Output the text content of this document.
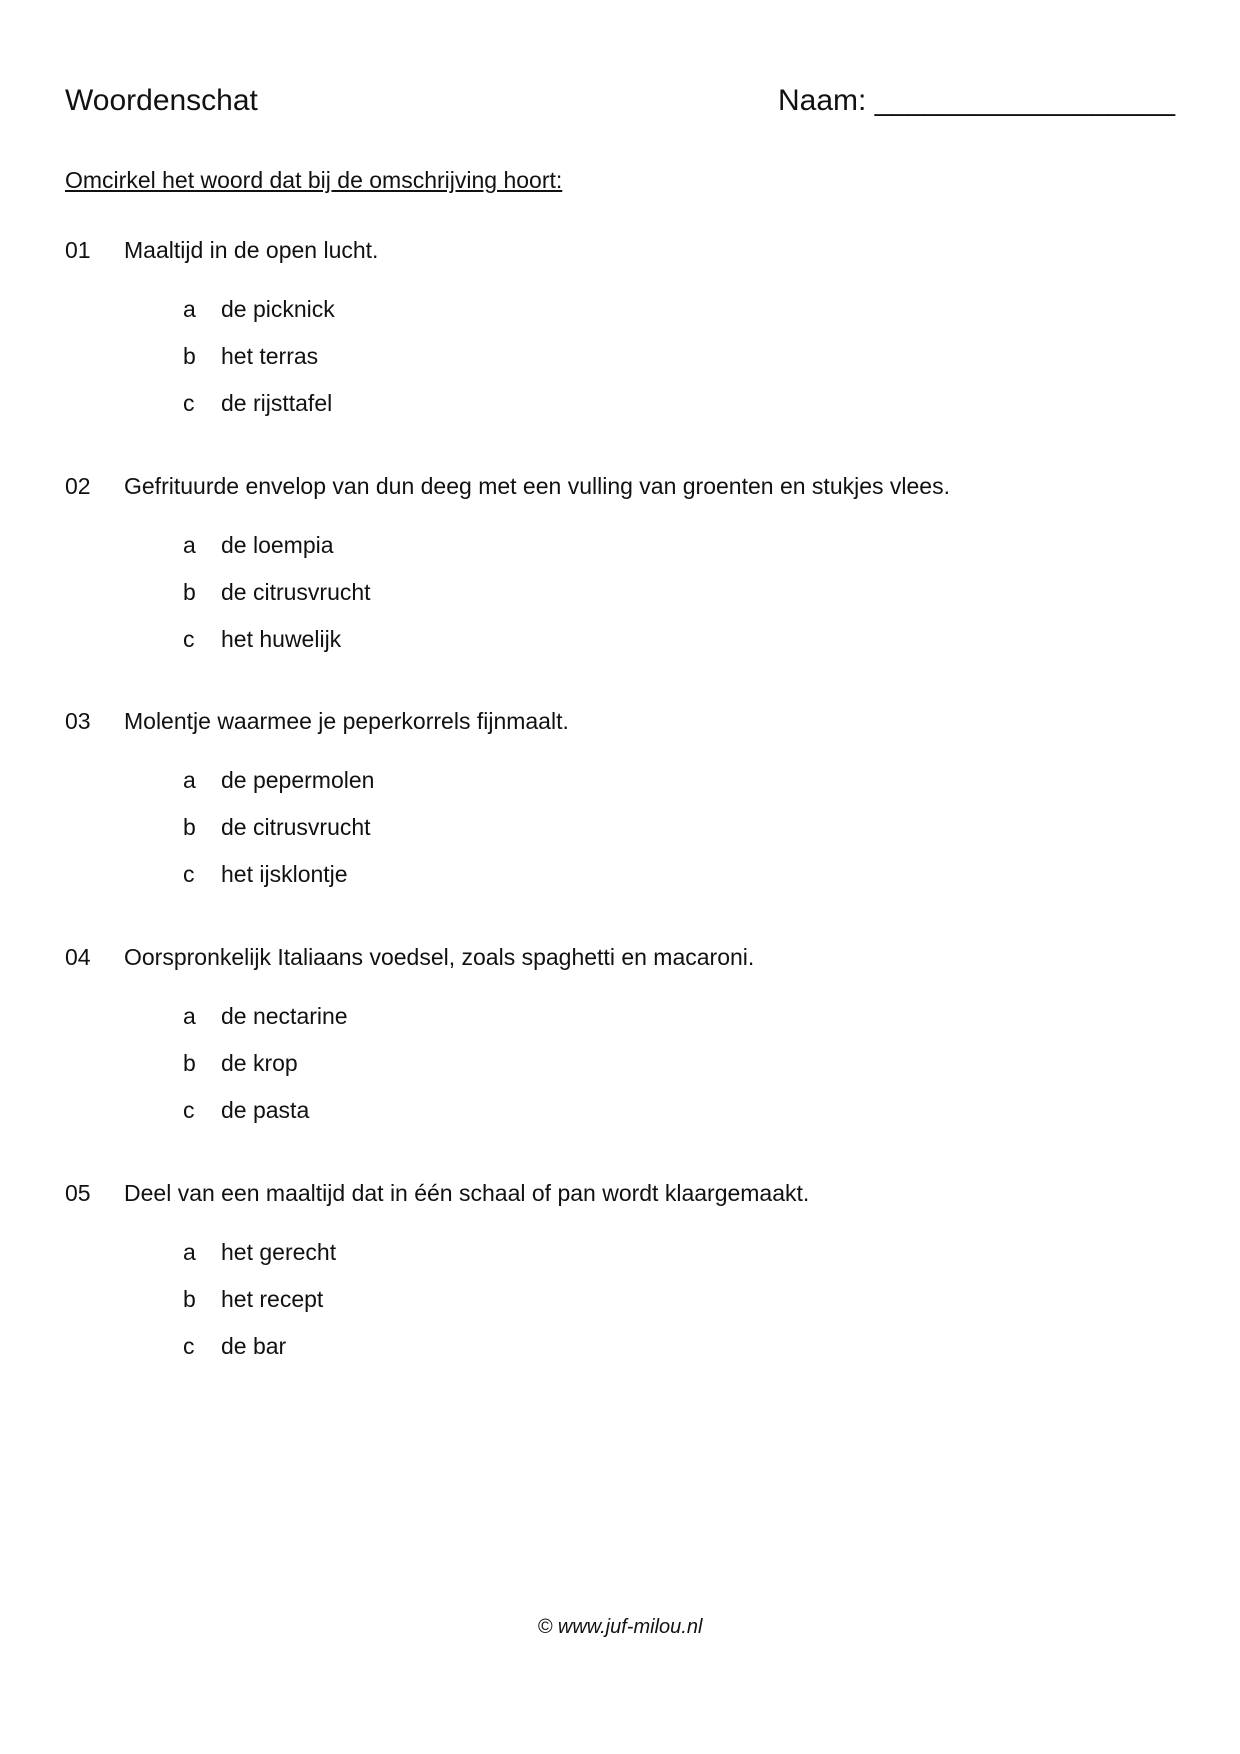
Woordenschat	Naam: __________________
Omcirkel het woord dat bij de omschrijving hoort:
01 Maaltijd in de open lucht.
a de picknick
b het terras
c de rijsttafel
02 Gefrituurde envelop van dun deeg met een vulling van groenten en stukjes vlees.
a de loempia
b de citrusvrucht
c het huwelijk
03 Molentje waarmee je peperkorrels fijnmaalt.
a de pepermolen
b de citrusvrucht
c het ijsklontje
04 Oorspronkelijk Italiaans voedsel, zoals spaghetti en macaroni.
a de nectarine
b de krop
c de pasta
05 Deel van een maaltijd dat in één schaal of pan wordt klaargemaakt.
a het gerecht
b het recept
c de bar
© www.juf-milou.nl
